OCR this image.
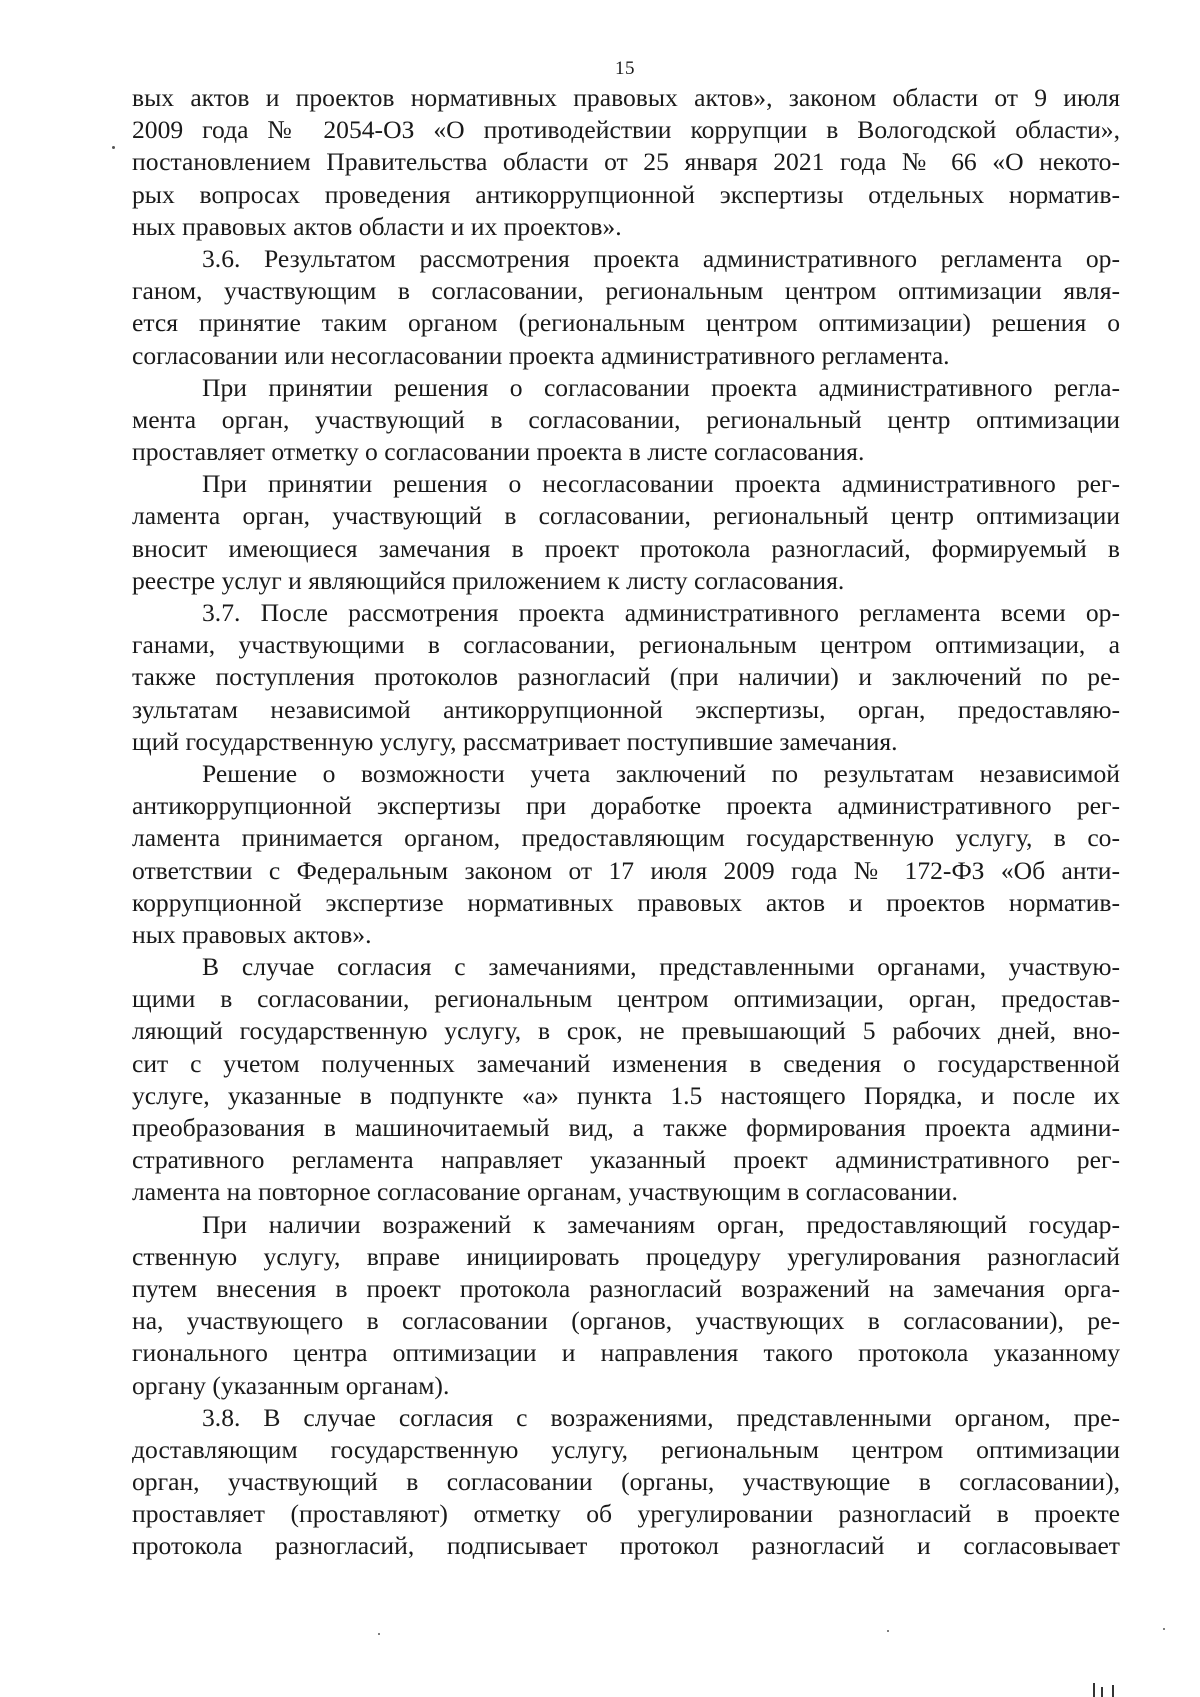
15
вых актов и проектов нормативных правовых актов», законом области от 9 июля
2009 года № 2054-ОЗ «О противодействии коррупции в Вологодской области»,
постановлением Правительства области от 25 января 2021 года № 66 «О некото-
рых вопросах проведения антикоррупционной экспертизы отдельных норматив-
ных правовых актов области и их проектов».
3.6. Результатом рассмотрения проекта административного регламента ор-
ганом, участвующим в согласовании, региональным центром оптимизации явля-
ется принятие таким органом (региональным центром оптимизации) решения о
согласовании или несогласовании проекта административного регламента.
При принятии решения о согласовании проекта административного регла-
мента орган, участвующий в согласовании, региональный центр оптимизации
проставляет отметку о согласовании проекта в листе согласования.
При принятии решения о несогласовании проекта административного рег-
ламента орган, участвующий в согласовании, региональный центр оптимизации
вносит имеющиеся замечания в проект протокола разногласий, формируемый в
реестре услуг и являющийся приложением к листу согласования.
3.7. После рассмотрения проекта административного регламента всеми ор-
ганами, участвующими в согласовании, региональным центром оптимизации, а
также поступления протоколов разногласий (при наличии) и заключений по ре-
зультатам независимой антикоррупционной экспертизы, орган, предоставляю-
щий государственную услугу, рассматривает поступившие замечания.
Решение о возможности учета заключений по результатам независимой
антикоррупционной экспертизы при доработке проекта административного рег-
ламента принимается органом, предоставляющим государственную услугу, в со-
ответствии с Федеральным законом от 17 июля 2009 года № 172-ФЗ «Об анти-
коррупционной экспертизе нормативных правовых актов и проектов норматив-
ных правовых актов».
В случае согласия с замечаниями, представленными органами, участвую-
щими в согласовании, региональным центром оптимизации, орган, предостав-
ляющий государственную услугу, в срок, не превышающий 5 рабочих дней, вно-
сит с учетом полученных замечаний изменения в сведения о государственной
услуге, указанные в подпункте «а» пункта 1.5 настоящего Порядка, и после их
преобразования в машиночитаемый вид, а также формирования проекта админи-
стративного регламента направляет указанный проект административного рег-
ламента на повторное согласование органам, участвующим в согласовании.
При наличии возражений к замечаниям орган, предоставляющий государ-
ственную услугу, вправе инициировать процедуру урегулирования разногласий
путем внесения в проект протокола разногласий возражений на замечания орга-
на, участвующего в согласовании (органов, участвующих в согласовании), ре-
гионального центра оптимизации и направления такого протокола указанному
органу (указанным органам).
3.8. В случае согласия с возражениями, представленными органом, пре-
доставляющим государственную услугу, региональным центром оптимизации
орган, участвующий в согласовании (органы, участвующие в согласовании),
проставляет (проставляют) отметку об урегулировании разногласий в проекте
протокола разногласий, подписывает протокол разногласий и согласовывает
